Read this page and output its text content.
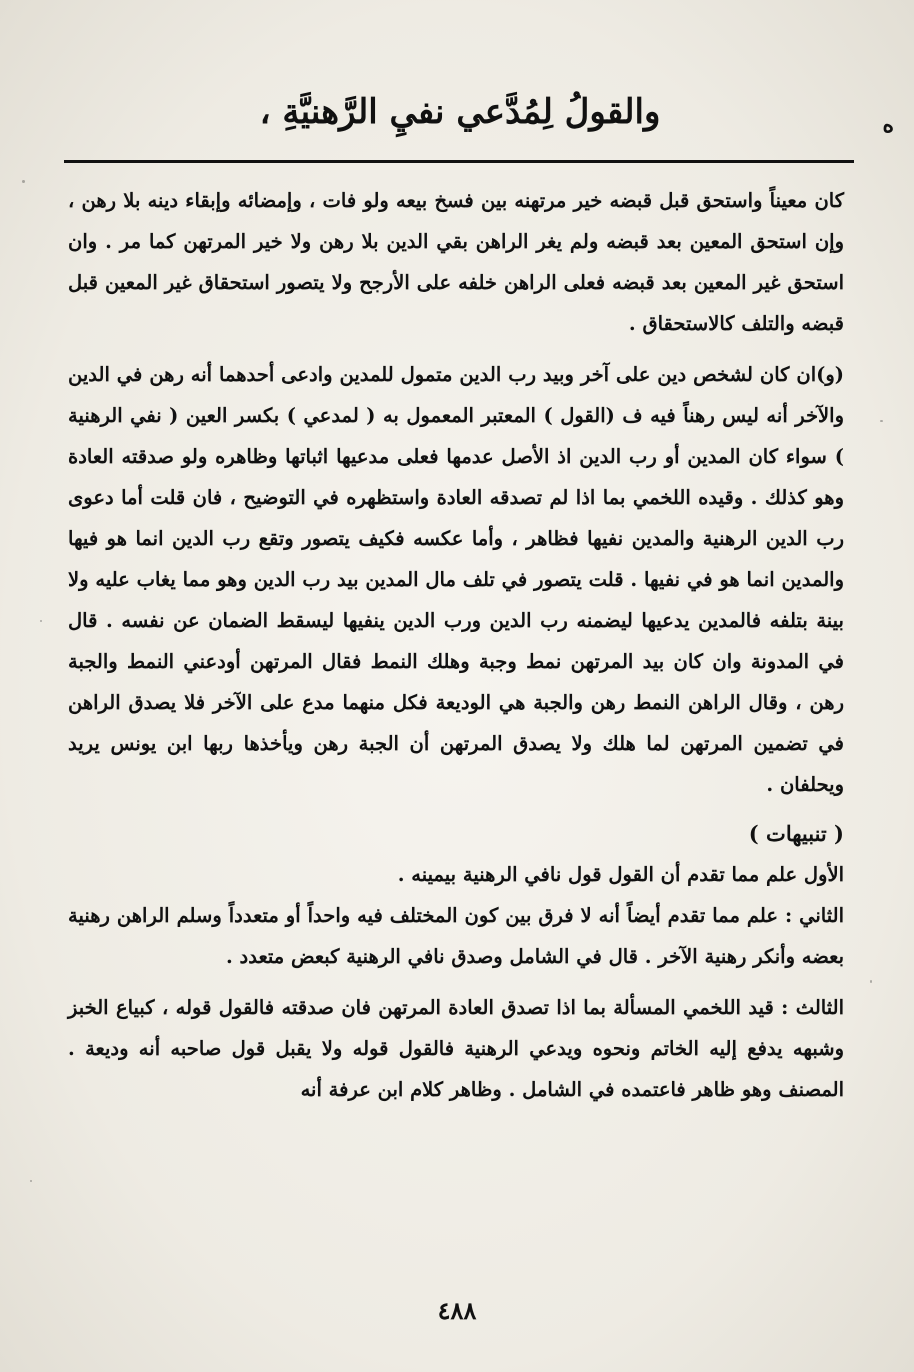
ه
والقولُ لِمُدَّعي نفيِ الرَّهنيَّةِ ،

كان معيناً واستحق قبل قبضه خير مرتهنه بين فسخ بيعه ولو فات ، وإمضائه وإبقاء دينه بلا رهن ، وإن استحق المعين بعد قبضه ولم يغر الراهن بقي الدين بلا رهن ولا خير المرتهن كما مر . وان استحق غير المعين بعد قبضه فعلى الراهن خلفه على الأرجح ولا يتصور استحقاق غير المعين قبل قبضه والتلف كالاستحقاق .

(و)ان كان لشخص دين على آخر وبيد رب الدين متمول للمدين وادعى أحدهما أنه رهن في الدين والآخر أنه ليس رهناً فيه ف (القول ) المعتبر المعمول به ( لمدعي ) بكسر العين ( نفي الرهنية ) سواء كان المدين أو رب الدين اذ الأصل عدمها فعلى مدعيها اثباتها وظاهره ولو صدقته العادة وهو كذلك . وقيده اللخمي بما اذا لم تصدقه العادة واستظهره في التوضيح ، فان قلت أما دعوى رب الدين الرهنية والمدين نفيها فظاهر ، وأما عكسه فكيف يتصور وتقع رب الدين انما هو فيها والمدين انما هو في نفيها . قلت يتصور في تلف مال المدين بيد رب الدين وهو مما يغاب عليه ولا بينة بتلفه فالمدين يدعيها ليضمنه رب الدين ورب الدين ينفيها ليسقط الضمان عن نفسه . قال في المدونة وان كان بيد المرتهن نمط وجبة وهلك النمط فقال المرتهن أودعني النمط والجبة رهن ، وقال الراهن النمط رهن والجبة هي الوديعة فكل منهما مدع على الآخر فلا يصدق الراهن في تضمين المرتهن لما هلك ولا يصدق المرتهن أن الجبة رهن ويأخذها ربها ابن يونس يريد ويحلفان .

( تنبيهات )

الأول علم مما تقدم أن القول قول نافي الرهنية بيمينه .

الثاني : علم مما تقدم أيضاً أنه لا فرق بين كون المختلف فيه واحداً أو متعدداً وسلم الراهن رهنية بعضه وأنكر رهنية الآخر . قال في الشامل وصدق نافي الرهنية كبعض متعدد .

الثالث : قيد اللخمي المسألة بما اذا تصدق العادة المرتهن فان صدقته فالقول قوله ، كبياع الخبز وشبهه يدفع إليه الخاتم ونحوه ويدعي الرهنية فالقول قوله ولا يقبل قول صاحبه أنه وديعة . المصنف وهو ظاهر فاعتمده في الشامل . وظاهر كلام ابن عرفة أنه

٤٨٨
